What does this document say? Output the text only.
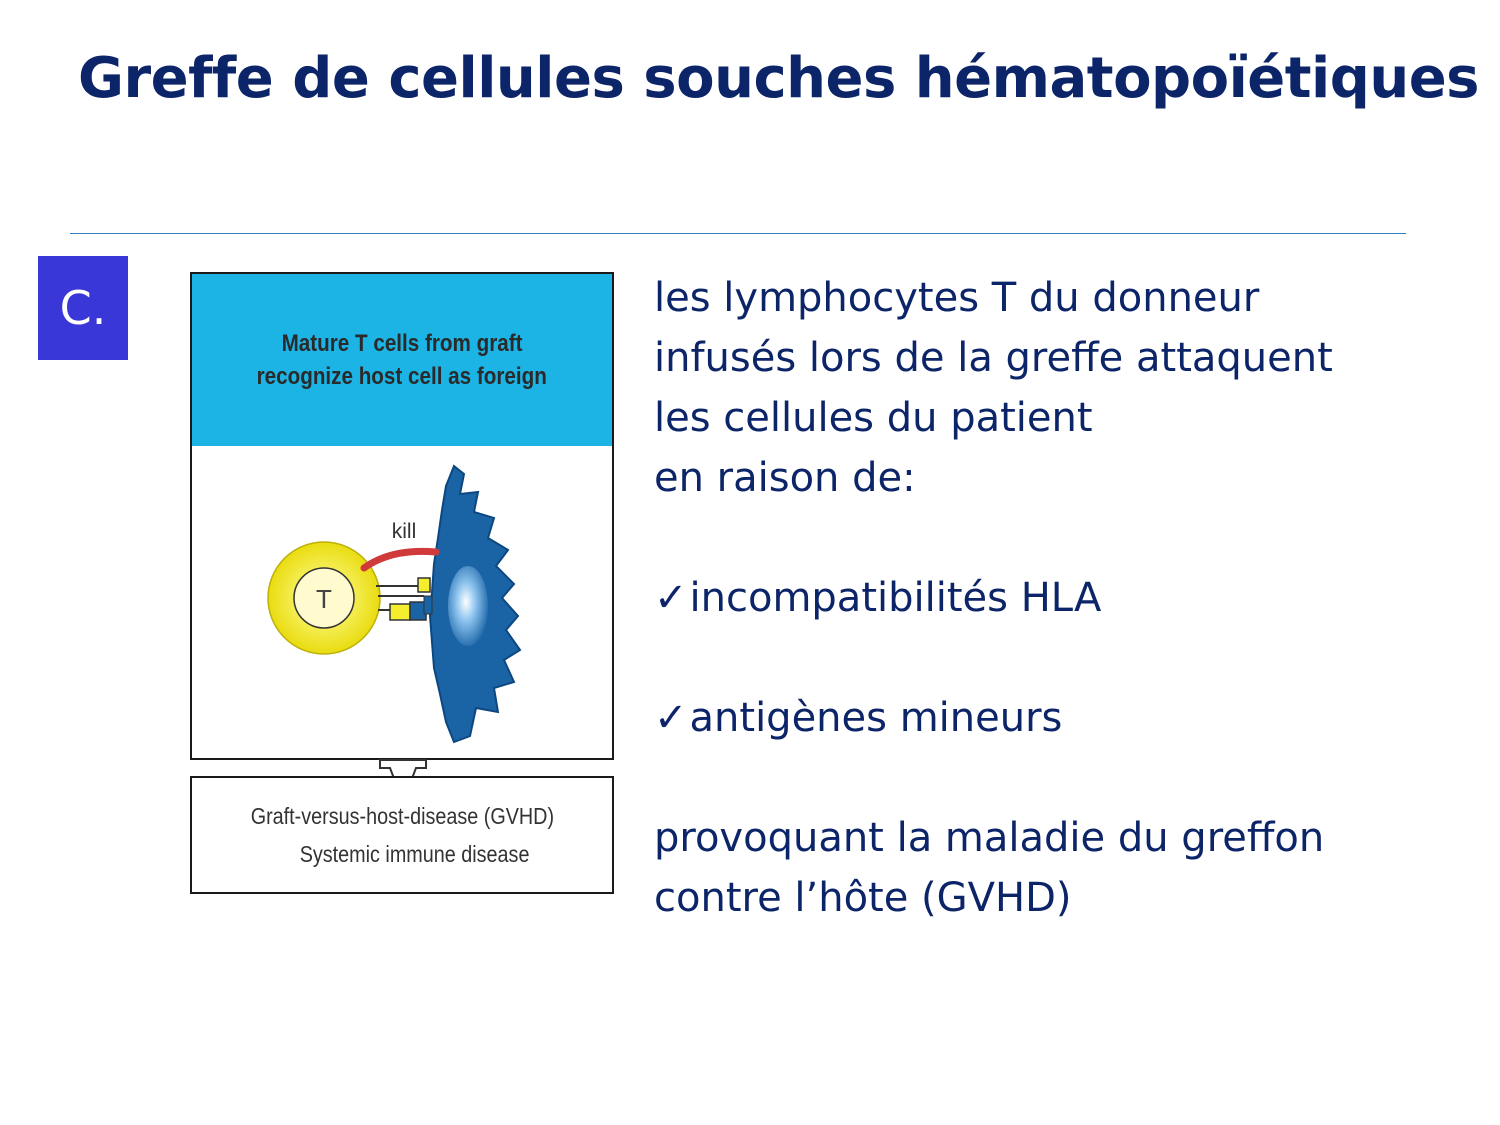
Greffe de cellules souches hématopoïétiques
C.
Mature T cells from graft
recognize host cell as foreign
T
kill
Graft-versus-host-disease (GVHD)
Systemic immune disease

les lymphocytes T du donneur

infusés lors de la greffe attaquent

les cellules du patient

en raison de:

✓incompatibilités HLA

✓antigènes mineurs

provoquant la maladie du greffon

contre l’hôte (GVHD)
